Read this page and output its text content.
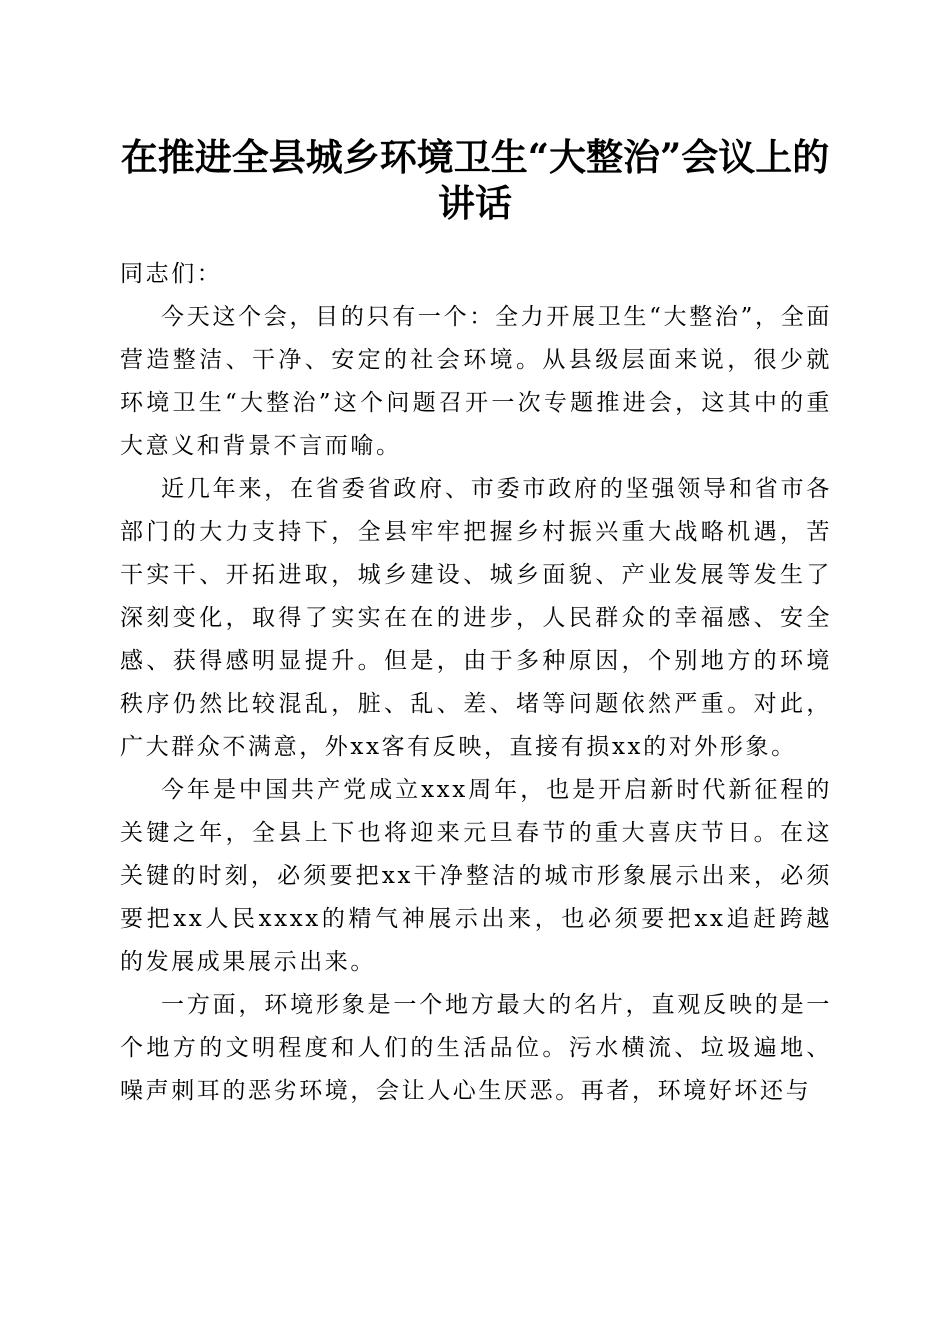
在推进全县城乡环境卫生“大整治”会议上的
讲话

同志们：

今天这个会，目的只有一个：全力开展卫生“大整治”，全面营造整洁、干净、安定的社会环境。从县级层面来说，很少就环境卫生“大整治”这个问题召开一次专题推进会，这其中的重大意义和背景不言而喻。

近几年来，在省委省政府、市委市政府的坚强领导和省市各部门的大力支持下，全县牢牢把握乡村振兴重大战略机遇，苦干实干、开拓进取，城乡建设、城乡面貌、产业发展等发生了深刻变化，取得了实实在在的进步，人民群众的幸福感、安全感、获得感明显提升。但是，由于多种原因，个别地方的环境秩序仍然比较混乱，脏、乱、差、堵等问题依然严重。对此，广大群众不满意，外xx客有反映，直接有损xx的对外形象。

今年是中国共产党成立xxx周年，也是开启新时代新征程的关键之年，全县上下也将迎来元旦春节的重大喜庆节日。在这关键的时刻，必须要把xx干净整洁的城市形象展示出来，必须要把xx人民xxxx的精气神展示出来，也必须要把xx追赶跨越的发展成果展示出来。

一方面，环境形象是一个地方最大的名片，直观反映的是一个地方的文明程度和人们的生活品位。污水横流、垃圾遍地、噪声刺耳的恶劣环境，会让人心生厌恶。再者，环境好坏还与
